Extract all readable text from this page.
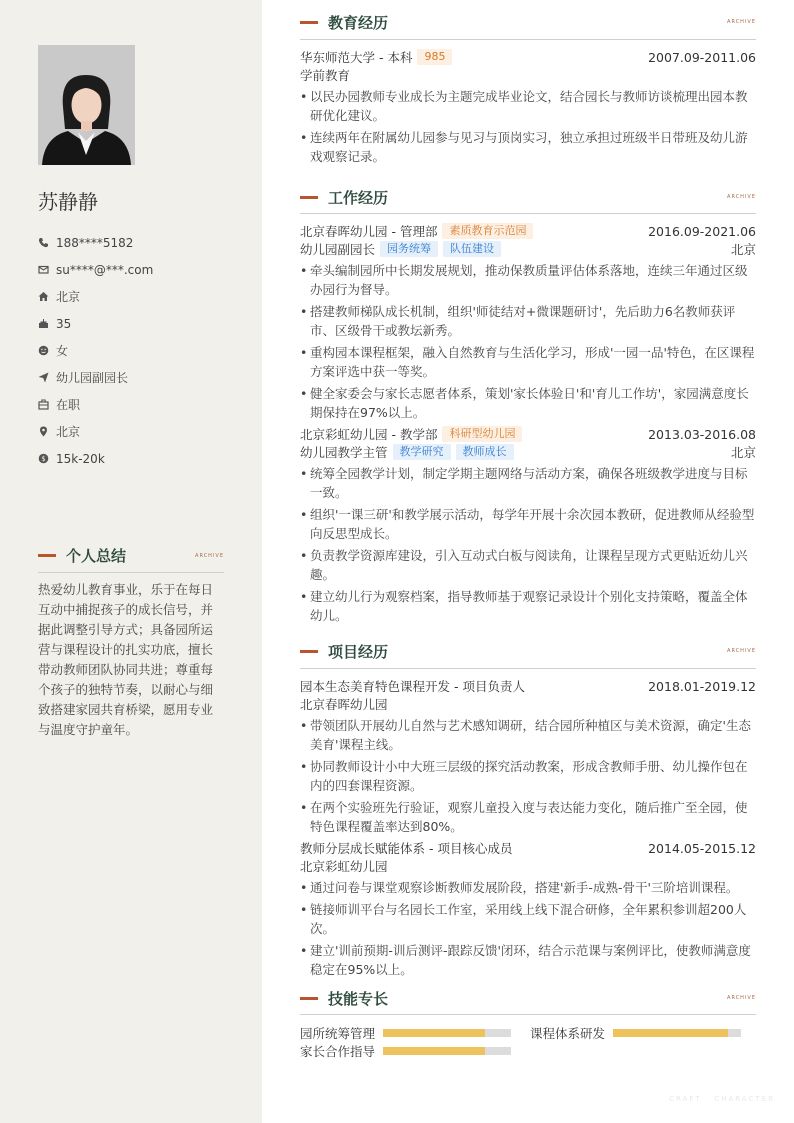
苏静静
188****5182
su****@***.com
北京
35
女
幼儿园副园长
在职
北京
$ 15k-20k
个人总结	ARCHIVE
热爱幼儿教育事业，乐于在每日互动中捕捉孩子的成长信号，并据此调整引导方式；具备园所运营与课程设计的扎实功底，擅长带动教师团队协同共进；尊重每个孩子的独特节奏，以耐心与细致搭建家园共育桥梁，愿用专业与温度守护童年。
教育经历	ARCHIVE
华东师范大学 - 本科	985	2007.09-2011.06
学前教育
• 以民办园教师专业成长为主题完成毕业论文，结合园长与教师访谈梳理出园本教研优化建议。
• 连续两年在附属幼儿园参与见习与顶岗实习，独立承担过班级半日带班及幼儿游戏观察记录。
工作经历	ARCHIVE
北京春晖幼儿园 - 管理部	素质教育示范园	2016.09-2021.06
幼儿园副园长	园务统筹	队伍建设	北京
• 牵头编制园所中长期发展规划，推动保教质量评估体系落地，连续三年通过区级办园行为督导。
• 搭建教师梯队成长机制，组织'师徒结对+微课题研讨'，先后助力6名教师获评市、区级骨干或教坛新秀。
• 重构园本课程框架，融入自然教育与生活化学习，形成'一园一品'特色，在区课程方案评选中获一等奖。
• 健全家委会与家长志愿者体系，策划'家长体验日'和'育儿工作坊'，家园满意度长期保持在97%以上。
北京彩虹幼儿园 - 教学部	科研型幼儿园	2013.03-2016.08
幼儿园教学主管	教学研究	教师成长	北京
• 统筹全园教学计划，制定学期主题网络与活动方案，确保各班级教学进度与目标一致。
• 组织'一课三研'和教学展示活动，每学年开展十余次园本教研，促进教师从经验型向反思型成长。
• 负责教学资源库建设，引入互动式白板与阅读角，让课程呈现方式更贴近幼儿兴趣。
• 建立幼儿行为观察档案，指导教师基于观察记录设计个别化支持策略，覆盖全体幼儿。
项目经历	ARCHIVE
园本生态美育特色课程开发 - 项目负责人	2018.01-2019.12
北京春晖幼儿园
• 带领团队开展幼儿自然与艺术感知调研，结合园所种植区与美术资源，确定'生态美育'课程主线。
• 协同教师设计小中大班三层级的探究活动教案，形成含教师手册、幼儿操作包在内的四套课程资源。
• 在两个实验班先行验证，观察儿童投入度与表达能力变化，随后推广至全园，使特色课程覆盖率达到80%。
教师分层成长赋能体系 - 项目核心成员	2014.05-2015.12
北京彩虹幼儿园
• 通过问卷与课堂观察诊断教师发展阶段，搭建'新手-成熟-骨干'三阶培训课程。
• 链接师训平台与名园长工作室，采用线上线下混合研修，全年累积参训超200人次。
• 建立'训前预期-训后测评-跟踪反馈'闭环，结合示范课与案例评比，使教师满意度稳定在95%以上。
技能专长	ARCHIVE
园所统筹管理	课程体系研发
家长合作指导
CRAFT · CHARACTER
